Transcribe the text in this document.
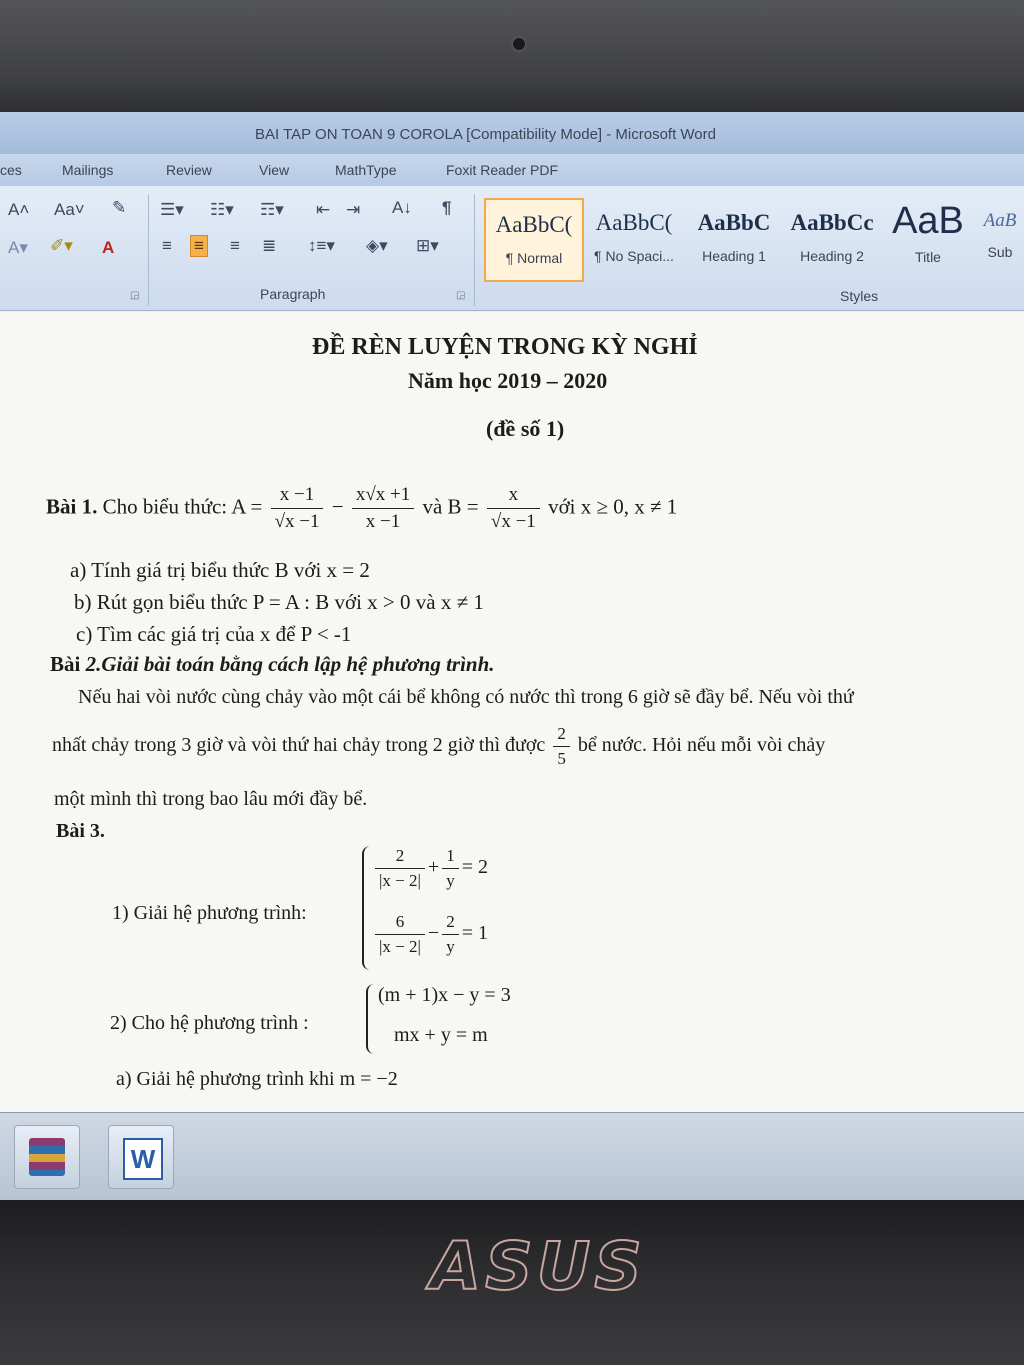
BAI TAP ON TOAN 9 COROLA [Compatibility Mode] - Microsoft Word
ces	Mailings	Review	View	MathType	Foxit Reader PDF
A˄ Aa˅ ✎
A▾ ✐▾ A
☰▾ ☷▾ ☶▾ ⇤ ⇥ A↓ ¶
≡ ≡ ≡ ≣ ↕≡▾ ◈▾ ⊞▾
Paragraph
◲	◲	Styles
AaBbC(
¶ Normal
AaBbC(
¶ No Spaci...
AaBbC
Heading 1
AaBbCc
Heading 2
AaB
Title
AaB
Sub
ĐỀ RÈN LUYỆN TRONG KỲ NGHỈ
Năm học 2019 – 2020
(đề số 1)
Bài 1. Cho biểu thức: $A = \frac{x -1}{√x -1} - \frac{x√x +1}{x -1}$ và $B = \frac{x}{√x -1}$ với x ≥ 0, x ≠ 1
a) Tính giá trị biểu thức B với x = 2
b) Rút gọn biểu thức P = A : B với x > 0 và x ≠ 1
c) Tìm các giá trị của x để P < -1
Bài 2.Giải bài toán bằng cách lập hệ phương trình.
Nếu hai vòi nước cùng chảy vào một cái bể không có nước thì trong 6 giờ sẽ đầy bể. Nếu vòi thứ
nhất chảy trong 3 giờ và vòi thứ hai chảy trong 2 giờ thì được $\frac{2}{5}$ bể nước. Hỏi nếu mỗi vòi chảy
một mình thì trong bao lâu mới đầy bể.
Bài 3.
1) Giải hệ phương trình:
$\frac{2}{|x - 2|} + \frac{1}{y} = 2$
$\frac{6}{|x - 2|} - \frac{2}{y} = 1$
2) Cho hệ phương trình :
(m + 1)x − y = 3
mx + y = m
a) Giải hệ phương trình khi m = −2
W
ASUS
